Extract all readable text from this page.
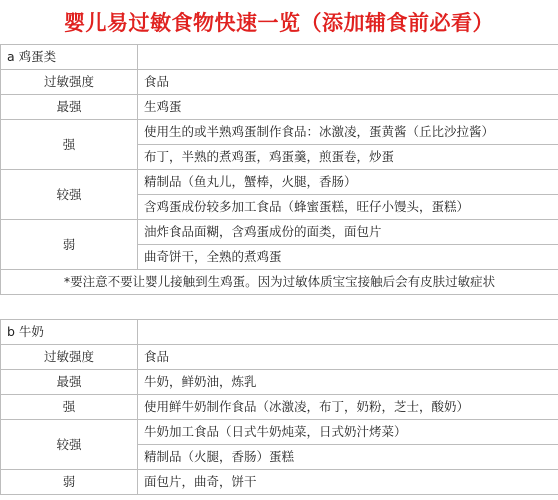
婴儿易过敏食物快速一览（添加辅食前必看）
a 鸡蛋类	
过敏强度	食品
最强	生鸡蛋
强	使用生的或半熟鸡蛋制作食品：冰激凌，蛋黄酱（丘比沙拉酱）
	布丁，半熟的煮鸡蛋，鸡蛋羹，煎蛋卷，炒蛋
较强	精制品（鱼丸儿，蟹棒，火腿，香肠）
	含鸡蛋成份较多加工食品（蜂蜜蛋糕，旺仔小馒头，蛋糕）
弱	油炸食品面糊，含鸡蛋成份的面类，面包片
	曲奇饼干，全熟的煮鸡蛋
*要注意不要让婴儿接触到生鸡蛋。因为过敏体质宝宝接触后会有皮肤过敏症状	

b 牛奶	
过敏强度	食品
最强	牛奶，鲜奶油，炼乳
强	使用鲜牛奶制作食品（冰激凌，布丁，奶粉，芝士，酸奶）
较强	牛奶加工食品（日式牛奶炖菜，日式奶汁烤菜）
	精制品（火腿，香肠）蛋糕
弱	面包片，曲奇，饼干
